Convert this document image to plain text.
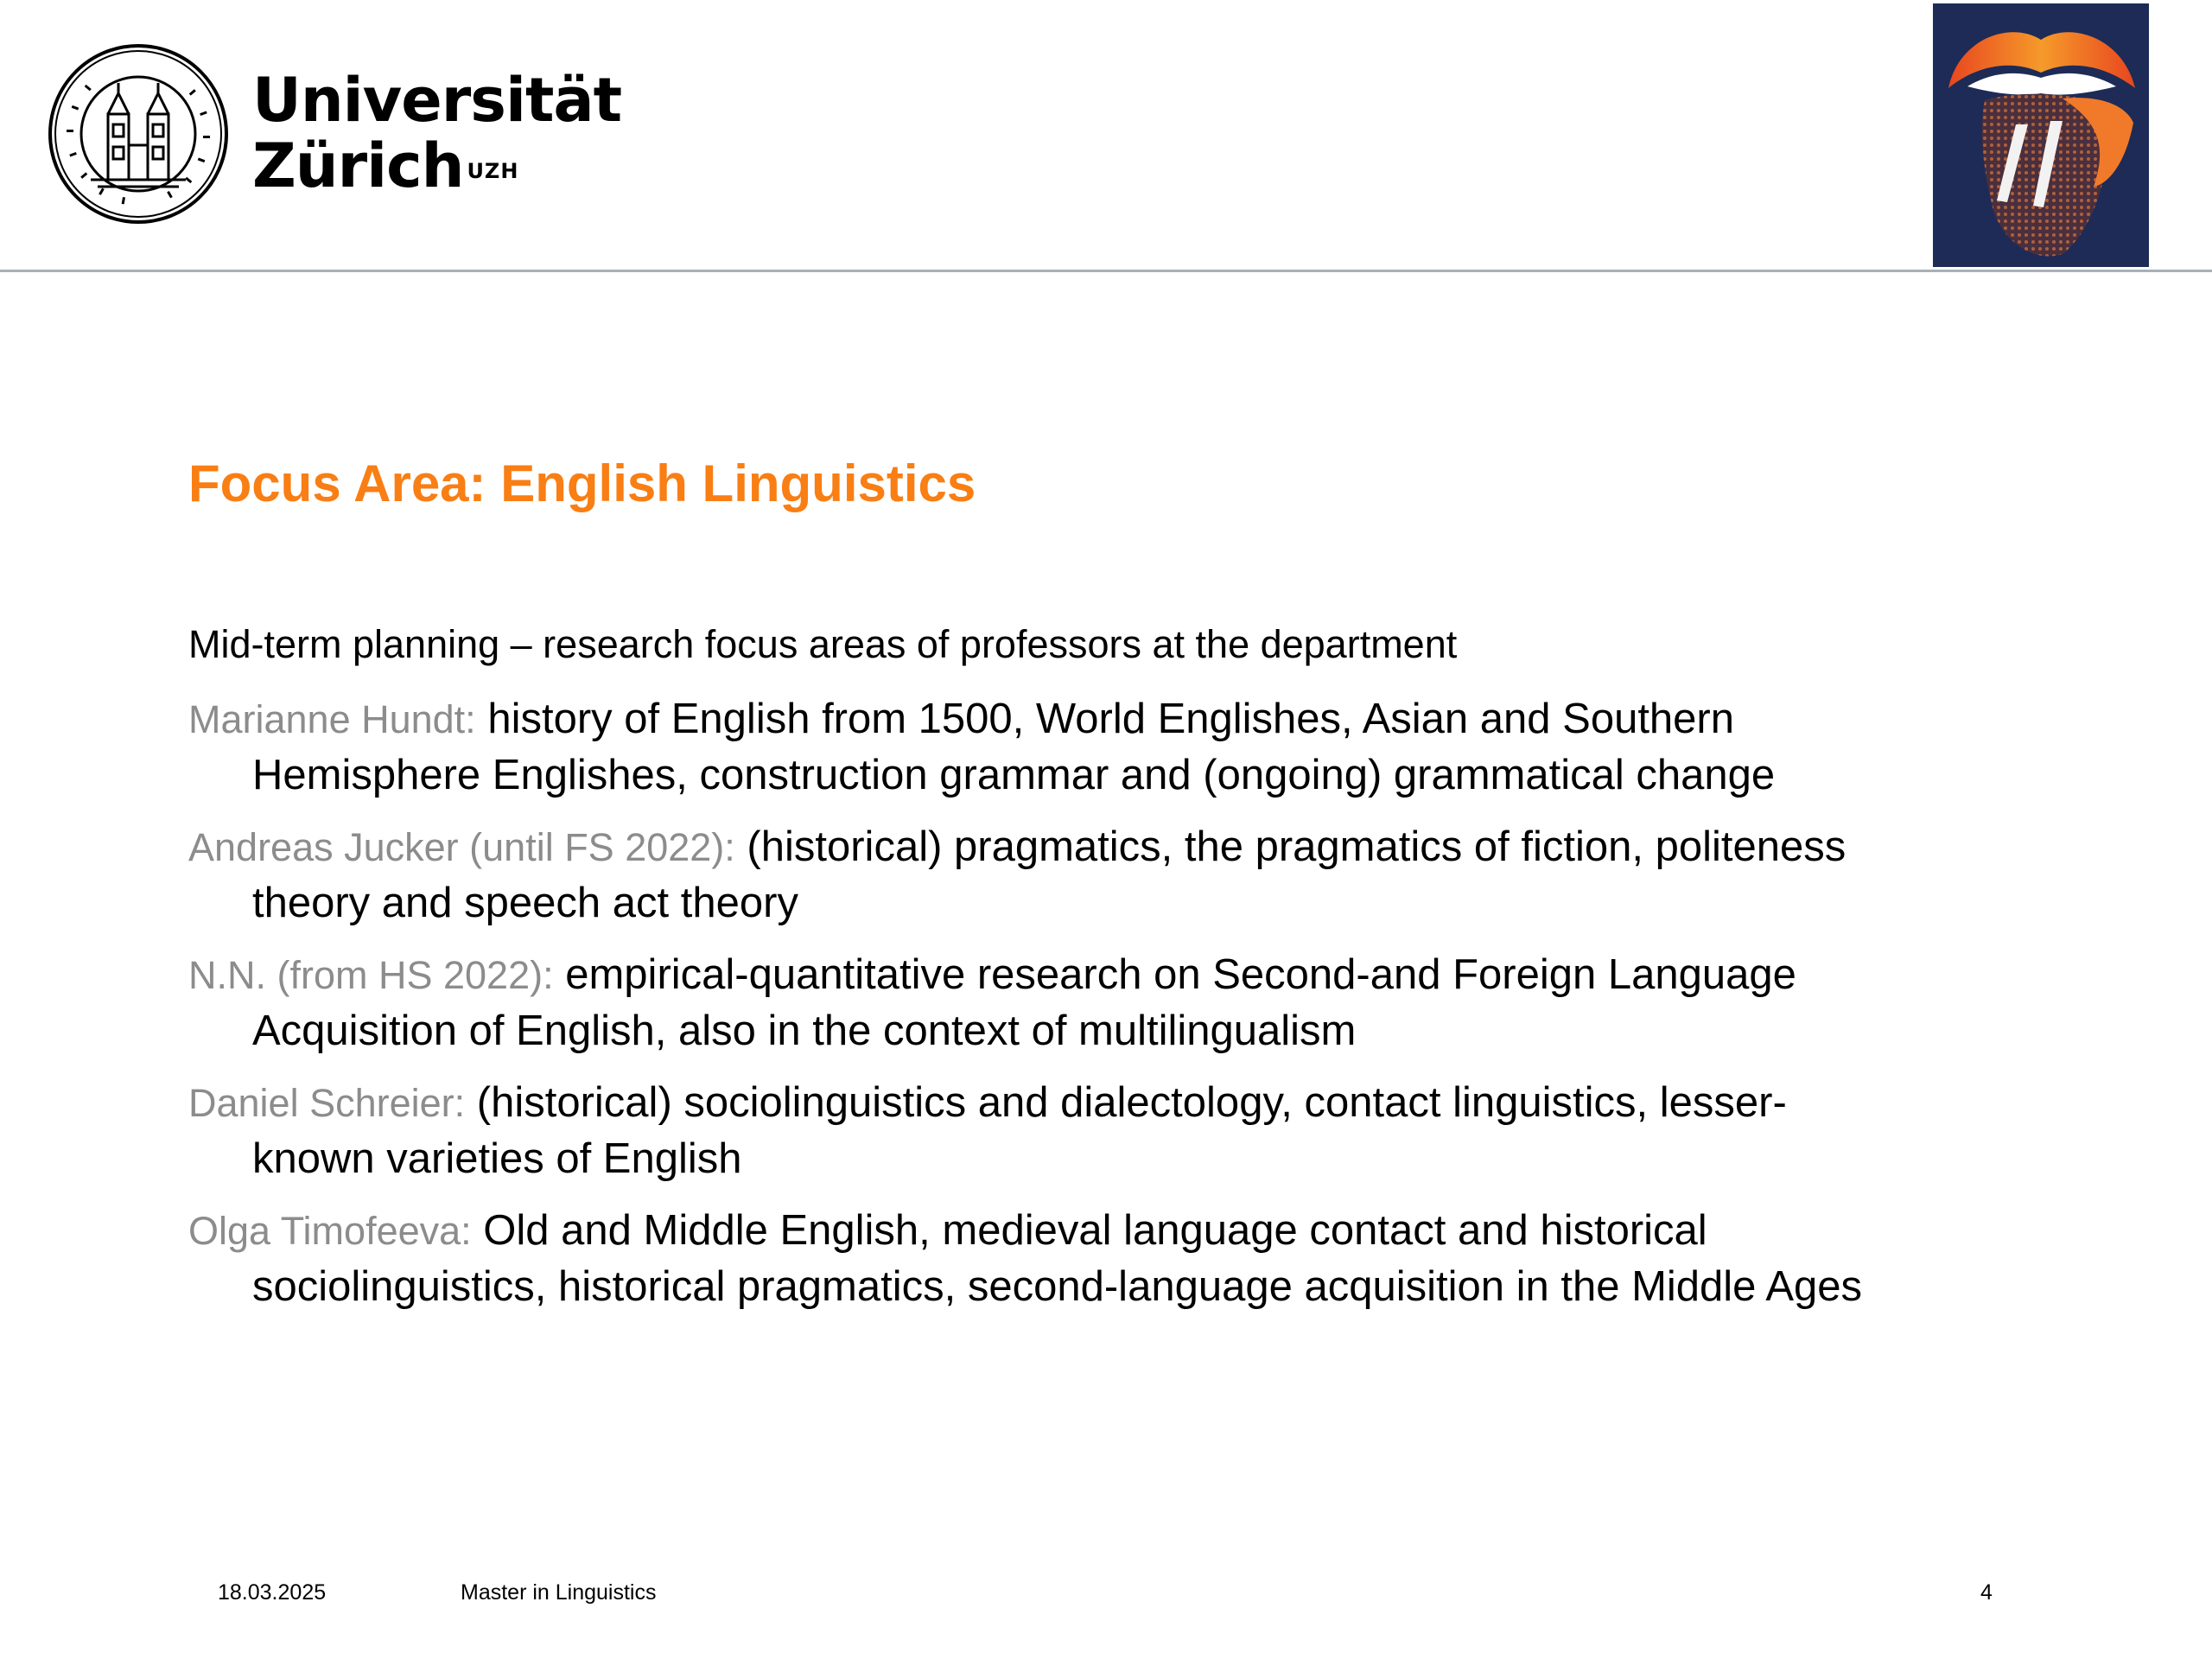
Universität
Zürich $^{UZH}$
Focus Area: English Linguistics

Mid-term planning – research focus areas of professors at the department

Marianne Hundt: history of English from 1500, World Englishes, Asian and Southern
Hemisphere Englishes, construction grammar and (ongoing) grammatical change
Andreas Jucker (until FS 2022): (historical) pragmatics, the pragmatics of fiction, politeness
theory and speech act theory
N.N. (from HS 2022): empirical-quantitative research on Second-and Foreign Language
Acquisition of English, also in the context of multilingualism
Daniel Schreier: (historical) sociolinguistics and dialectology, contact linguistics, lesser-
known varieties of English
Olga Timofeeva: Old and Middle English, medieval language contact and historical
sociolinguistics, historical pragmatics, second-language acquisition in the Middle Ages
18.03.2025	Master in Linguistics	4
